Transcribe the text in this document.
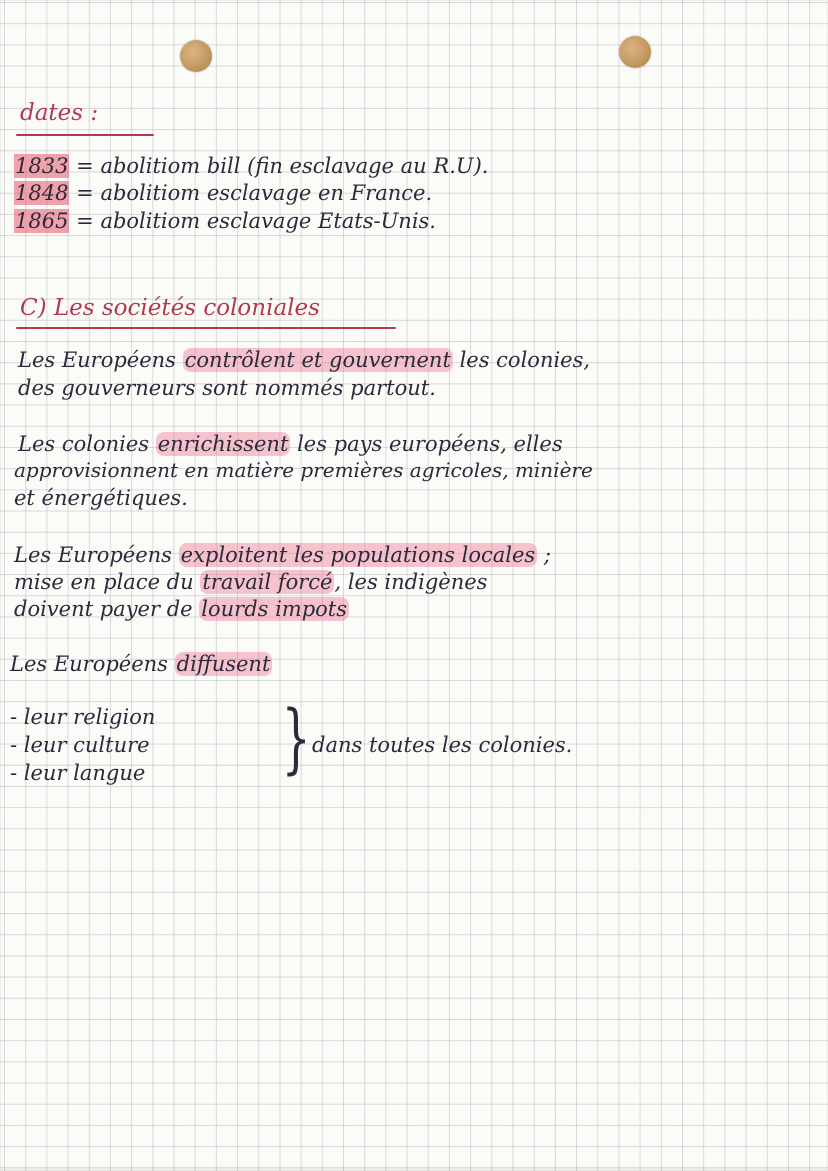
dates :
1833 = abolitiom bill (fin esclavage au R.U).
1848 = abolitiom esclavage en France.
1865 = abolitiom esclavage Etats-Unis.
C) Les sociétés coloniales
Les Européens contrôlent et gouvernent les colonies,
des gouverneurs sont nommés partout.
Les colonies enrichissent les pays européens, elles
approvisionnent en matière premières agricoles, minière
et énergétiques.
Les Européens exploitent les populations locales ;
mise en place du travail forcé, les indigènes
doivent payer de lourds impots
Les Européens diffusent
- leur religion
- leur culture
- leur langue } dans toutes les colonies.
